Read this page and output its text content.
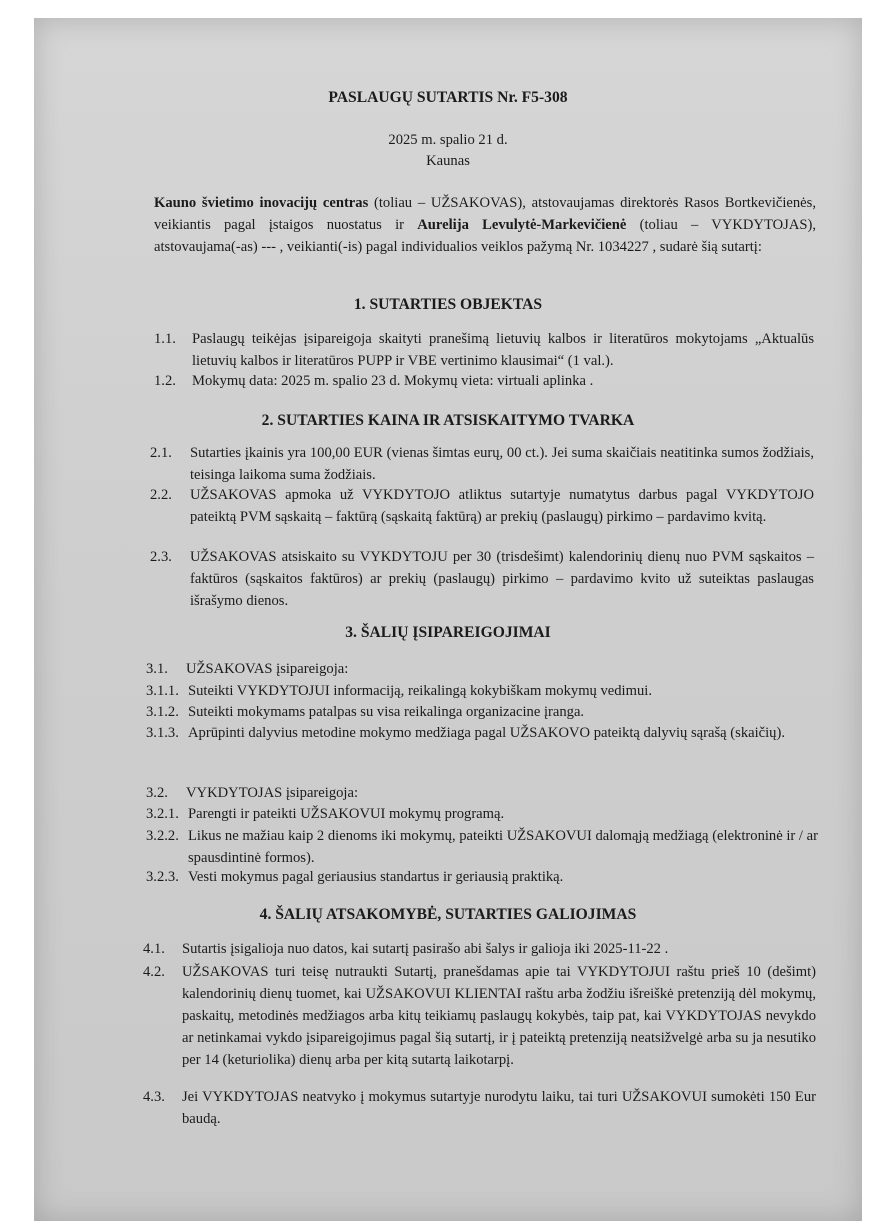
PASLAUGŲ SUTARTIS Nr. F5-308
2025 m. spalio 21 d.
Kaunas
Kauno švietimo inovacijų centras (toliau – UŽSAKOVAS), atstovaujamas direktorės Rasos Bortkevičienės, veikiantis pagal įstaigos nuostatus ir Aurelija Levulytė-Markevičienė (toliau – VYKDYTOJAS), atstovaujama(-as) --- , veikianti(-is) pagal individualios veiklos pažymą Nr. 1034227 , sudarė šią sutartį:
1. SUTARTIES OBJEKTAS
1.1. Paslaugų teikėjas įsipareigoja skaityti pranešimą lietuvių kalbos ir literatūros mokytojams „Aktualūs lietuvių kalbos ir literatūros PUPP ir VBE vertinimo klausimai“ (1 val.).
1.2. Mokymų data: 2025 m. spalio 23 d. Mokymų vieta: virtuali aplinka .
2. SUTARTIES KAINA IR ATSISKAITYMO TVARKA
2.1. Sutarties įkainis yra 100,00 EUR (vienas šimtas eurų, 00 ct.). Jei suma skaičiais neatitinka sumos žodžiais, teisinga laikoma suma žodžiais.
2.2. UŽSAKOVAS apmoka už VYKDYTOJO atliktus sutartyje numatytus darbus pagal VYKDYTOJO pateiktą PVM sąskaitą – faktūrą (sąskaitą faktūrą) ar prekių (paslaugų) pirkimo – pardavimo kvitą.
2.3. UŽSAKOVAS atsiskaito su VYKDYTOJU per 30 (trisdešimt) kalendorinių dienų nuo PVM sąskaitos – faktūros (sąskaitos faktūros) ar prekių (paslaugų) pirkimo – pardavimo kvito už suteiktas paslaugas išrašymo dienos.
3. ŠALIŲ ĮSIPAREIGOJIMAI
3.1. UŽSAKOVAS įsipareigoja:
3.1.1. Suteikti VYKDYTOJUI informaciją, reikalingą kokybiškam mokymų vedimui.
3.1.2. Suteikti mokymams patalpas su visa reikalinga organizacine įranga.
3.1.3. Aprūpinti dalyvius metodine mokymo medžiaga pagal UŽSAKOVO pateiktą dalyvių sąrašą (skaičių).
3.2. VYKDYTOJAS įsipareigoja:
3.2.1. Parengti ir pateikti UŽSAKOVUI mokymų programą.
3.2.2. Likus ne mažiau kaip 2 dienoms iki mokymų, pateikti UŽSAKOVUI dalomąją medžiagą (elektroninė ir / ar spausdintinė formos).
3.2.3. Vesti mokymus pagal geriausius standartus ir geriausią praktiką.
4. ŠALIŲ ATSAKOMYBĖ, SUTARTIES GALIOJIMAS
4.1. Sutartis įsigalioja nuo datos, kai sutartį pasirašo abi šalys ir galioja iki 2025-11-22 .
4.2. UŽSAKOVAS turi teisę nutraukti Sutartį, pranešdamas apie tai VYKDYTOJUI raštu prieš 10 (dešimt) kalendorinių dienų tuomet, kai UŽSAKOVUI KLIENTAI raštu arba žodžiu išreiškė pretenziją dėl mokymų, paskaitų, metodinės medžiagos arba kitų teikiamų paslaugų kokybės, taip pat, kai VYKDYTOJAS nevykdo ar netinkamai vykdo įsipareigojimus pagal šią sutartį, ir į pateiktą pretenziją neatsižvelgė arba su ja nesutiko per 14 (keturiolika) dienų arba per kitą sutartą laikotarpį.
4.3. Jei VYKDYTOJAS neatvyko į mokymus sutartyje nurodytu laiku, tai turi UŽSAKOVUI sumokėti 150 Eur baudą.
